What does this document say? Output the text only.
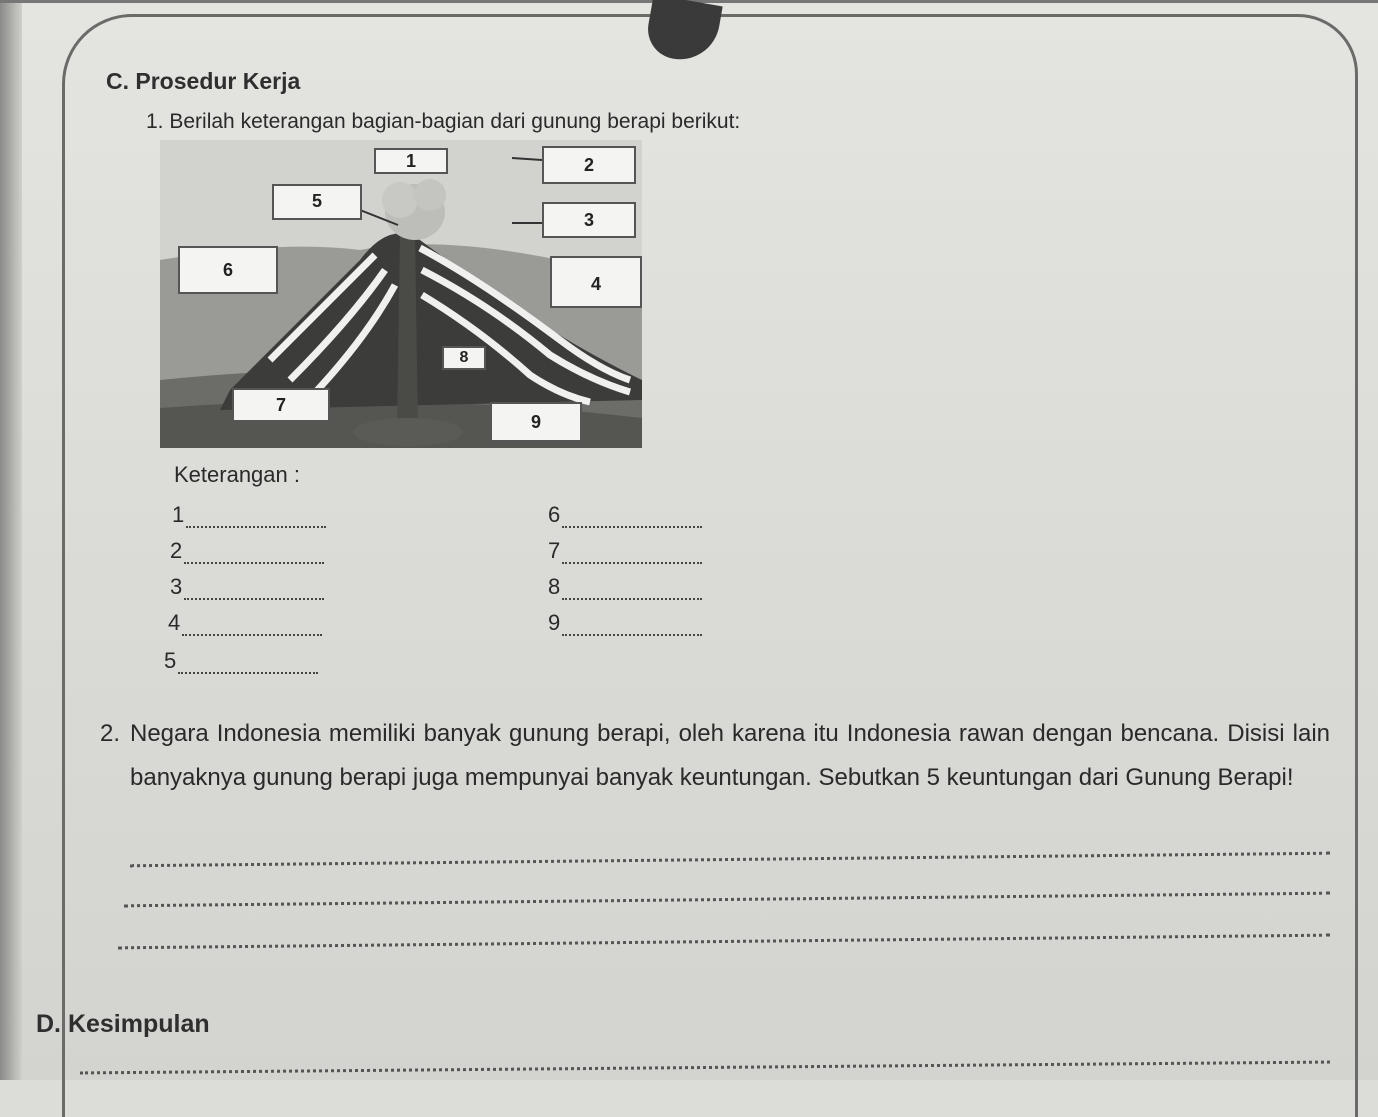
C. Prosedur Kerja
1. Berilah keterangan bagian-bagian dari gunung berapi berikut:
1	2
3
4
5
6
7
8
9
Keterangan :
1
2
3
4
5
6
7
8
9
2. Negara Indonesia memiliki banyak gunung berapi, oleh karena itu Indonesia rawan dengan bencana. Disisi lain banyaknya gunung berapi juga mempunyai banyak keuntungan. Sebutkan 5 keuntungan dari Gunung Berapi!
D. Kesimpulan
